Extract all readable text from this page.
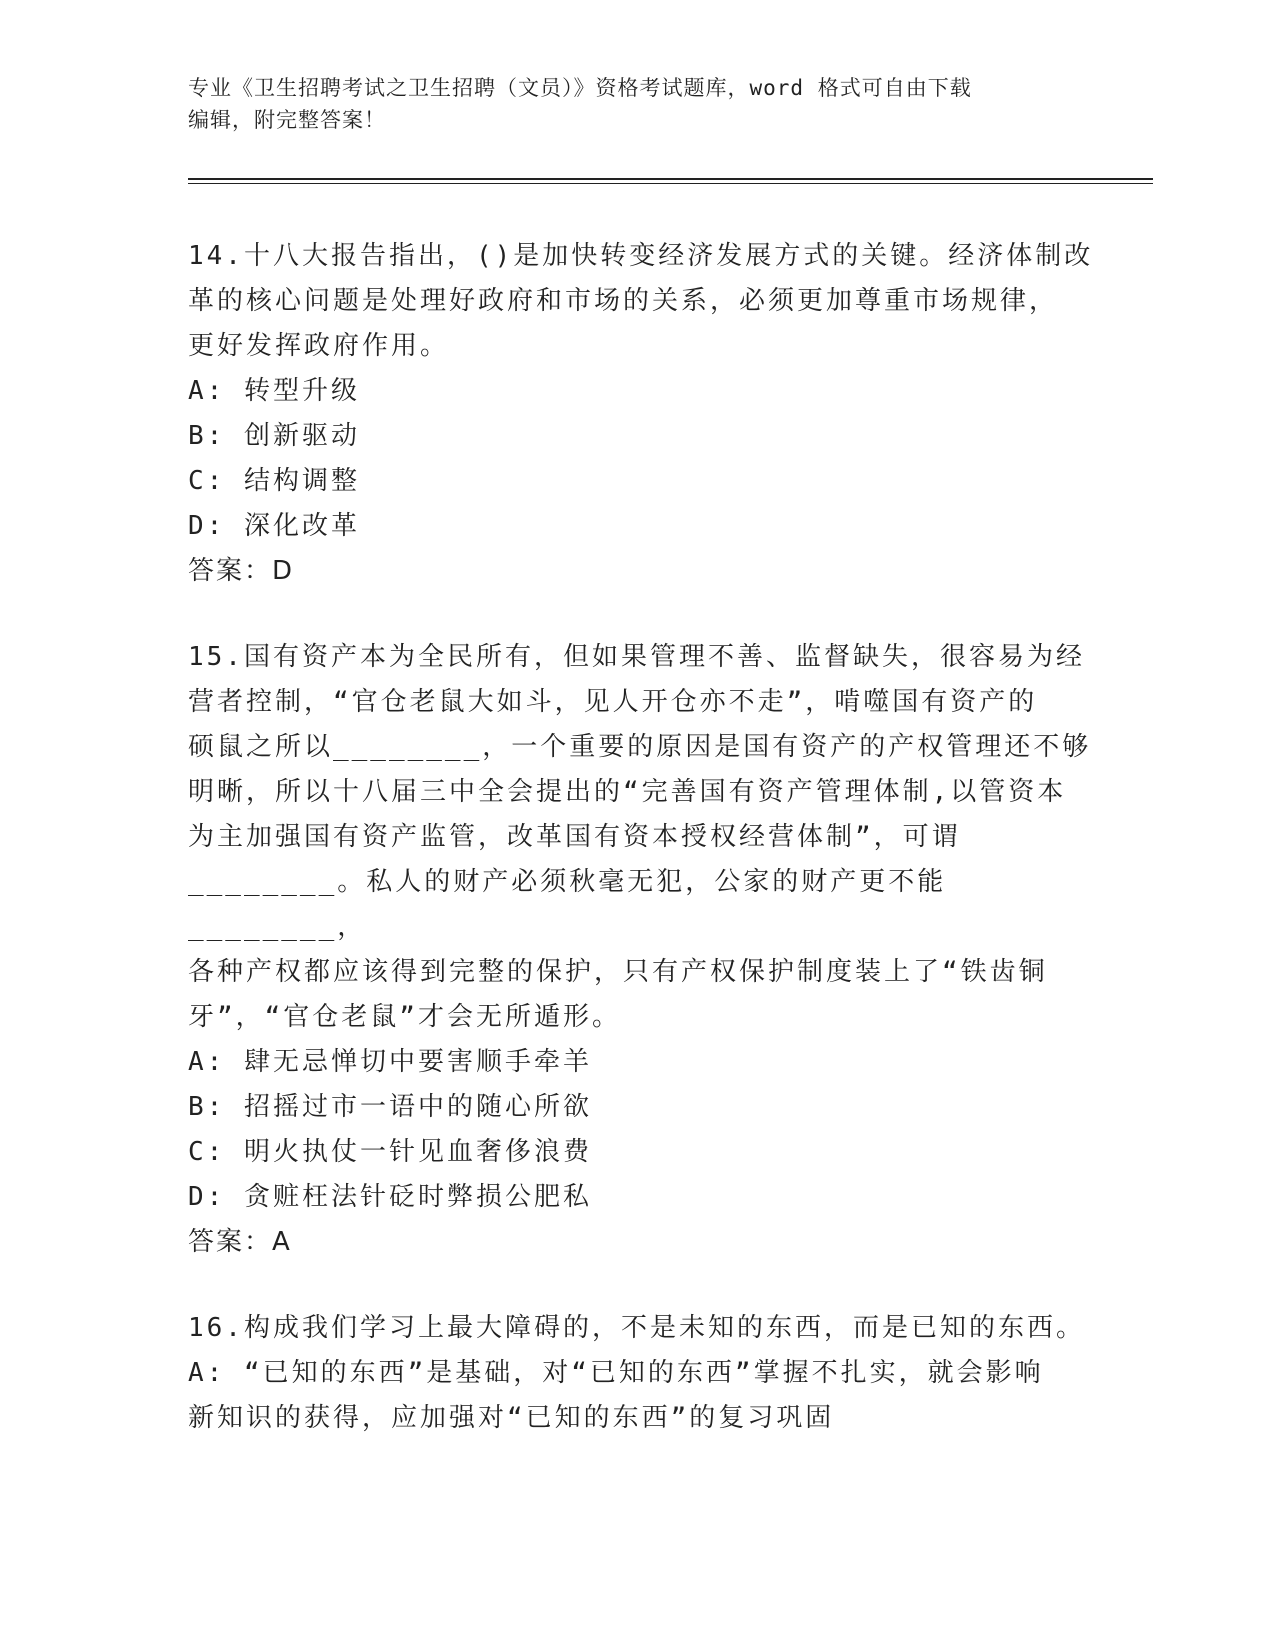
专业《卫生招聘考试之卫生招聘（文员）》资格考试题库，word 格式可自由下载
编辑，附完整答案！

14.十八大报告指出，()是加快转变经济发展方式的关键。经济体制改

革的核心问题是处理好政府和市场的关系，必须更加尊重市场规律，

更好发挥政府作用。

A: 转型升级

B: 创新驱动

C: 结构调整

D: 深化改革

答案：D

15.国有资产本为全民所有，但如果管理不善、监督缺失，很容易为经

营者控制，“官仓老鼠大如斗，见人开仓亦不走”，啃噬国有资产的

硕鼠之所以________，一个重要的原因是国有资产的产权管理还不够

明晰，所以十八届三中全会提出的“完善国有资产管理体制,以管资本

为主加强国有资产监管，改革国有资本授权经营体制”，可谓

________。私人的财产必须秋毫无犯，公家的财产更不能________，

各种产权都应该得到完整的保护，只有产权保护制度装上了“铁齿铜

牙”，“官仓老鼠”才会无所遁形。

A: 肆无忌惮切中要害顺手牵羊

B: 招摇过市一语中的随心所欲

C: 明火执仗一针见血奢侈浪费

D: 贪赃枉法针砭时弊损公肥私

答案：A

16.构成我们学习上最大障碍的，不是未知的东西，而是已知的东西。

A: “已知的东西”是基础，对“已知的东西”掌握不扎实，就会影响

新知识的获得，应加强对“已知的东西”的复习巩固
